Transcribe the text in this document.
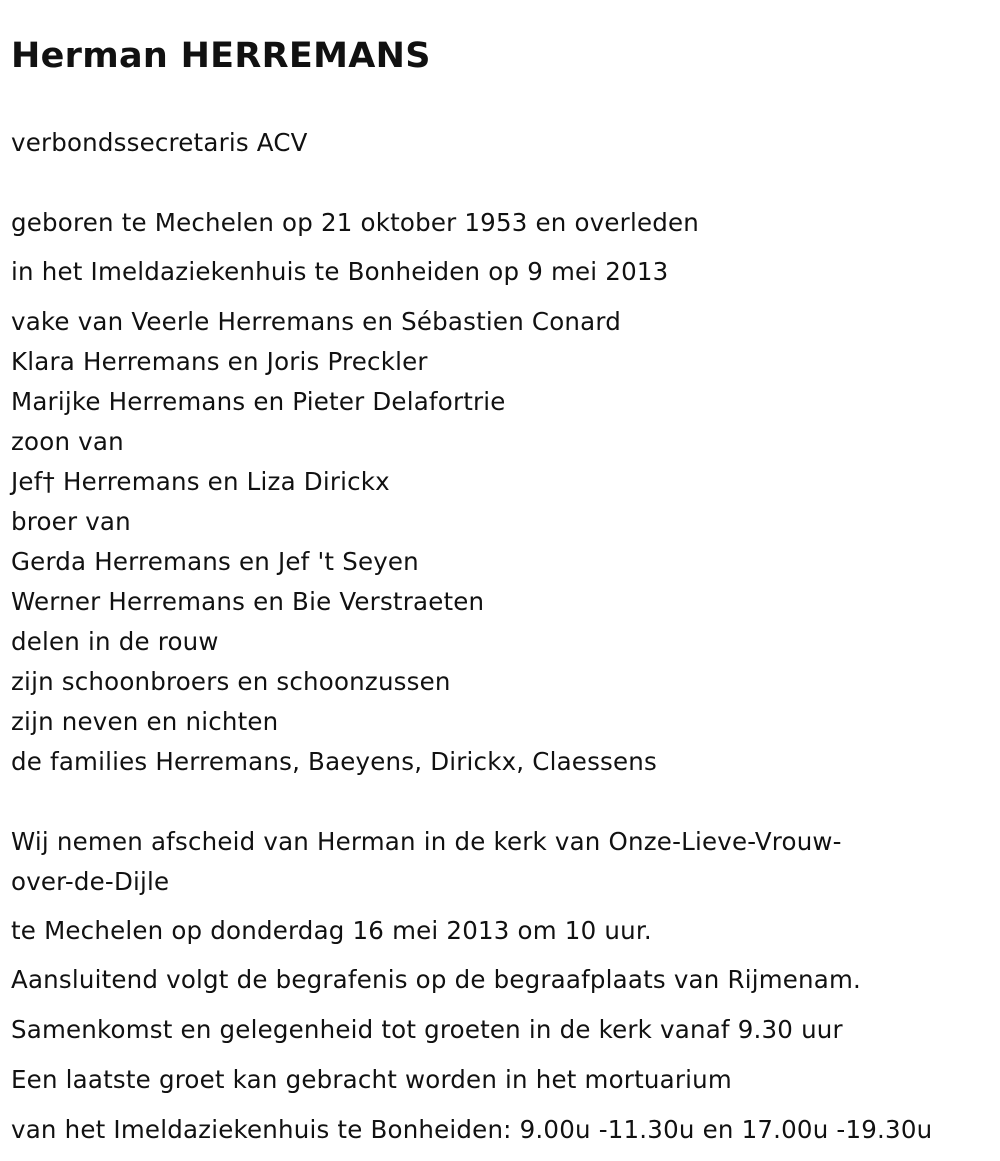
Herman HERREMANS

verbondssecretaris ACV

geboren te Mechelen op 21 oktober 1953 en overleden

in het Imeldaziekenhuis te Bonheiden op 9 mei 2013

vake van Veerle Herremans en Sébastien Conard

Klara Herremans en Joris Preckler

Marijke Herremans en Pieter Delafortrie

zoon van

Jef† Herremans en Liza Dirickx

broer van

Gerda Herremans en Jef 't Seyen

Werner Herremans en Bie Verstraeten

delen in de rouw

zijn schoonbroers en schoonzussen

zijn neven en nichten

de families Herremans, Baeyens, Dirickx, Claessens

Wij nemen afscheid van Herman in de kerk van Onze-Lieve-Vrouw-

over-de-Dijle

te Mechelen op donderdag 16 mei 2013 om 10 uur.

Aansluitend volgt de begrafenis op de begraafplaats van Rijmenam.

Samenkomst en gelegenheid tot groeten in de kerk vanaf 9.30 uur

Een laatste groet kan gebracht worden in het mortuarium

van het Imeldaziekenhuis te Bonheiden: 9.00u -11.30u en 17.00u -19.30u
